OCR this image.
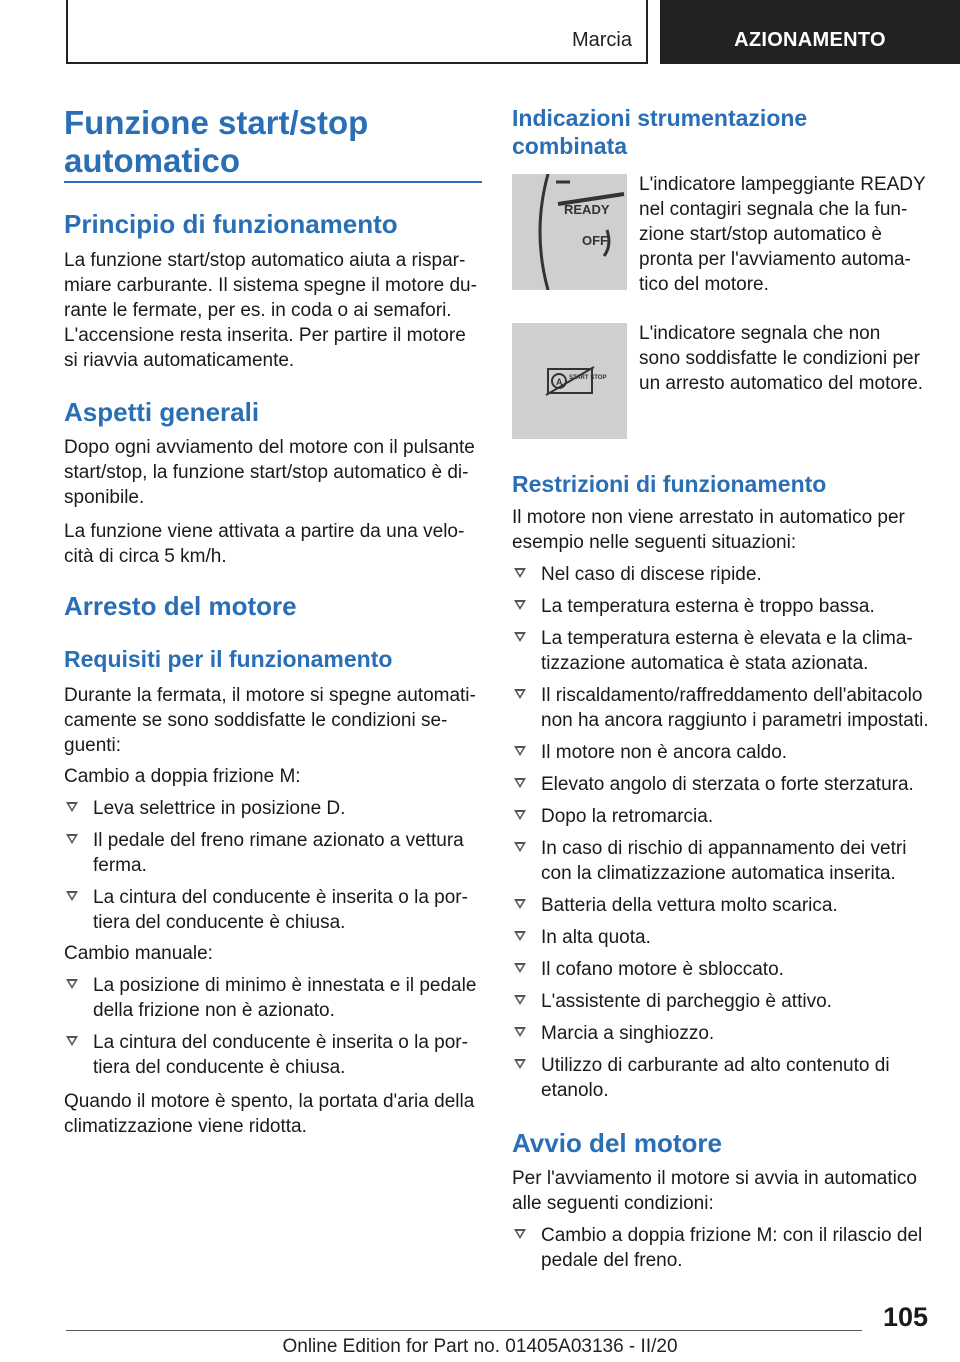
Marcia	AZIONAMENTO
Funzione start/stop automatico
Principio di funzionamento
La funzione start/stop automatico aiuta a rispar-
miare carburante. Il sistema spegne il motore du-
rante le fermate, per es. in coda o ai semafori.
L'accensione resta inserita. Per partire il motore
si riavvia automaticamente.
Aspetti generali
Dopo ogni avviamento del motore con il pulsante
start/stop, la funzione start/stop automatico è di-
sponibile.
La funzione viene attivata a partire da una velo-
cità di circa 5 km/h.
Arresto del motore
Requisiti per il funzionamento
Durante la fermata, il motore si spegne automati-
camente se sono soddisfatte le condizioni se-
guenti:
Cambio a doppia frizione M:
Leva selettrice in posizione D.
Il pedale del freno rimane azionato a vettura
ferma.
La cintura del conducente è inserita o la por-
tiera del conducente è chiusa.
Cambio manuale:
La posizione di minimo è innestata e il pedale
della frizione non è azionato.
La cintura del conducente è inserita o la por-
tiera del conducente è chiusa.
Quando il motore è spento, la portata d'aria della
climatizzazione viene ridotta.
Indicazioni strumentazione
combinata
READY
OFF
L'indicatore lampeggiante READY
nel contagiri segnala che la fun-
zione start/stop automatico è
pronta per l'avviamento automa-
tico del motore.
A START STOP
L'indicatore segnala che non
sono soddisfatte le condizioni per
un arresto automatico del motore.
Restrizioni di funzionamento
Il motore non viene arrestato in automatico per
esempio nelle seguenti situazioni:
Nel caso di discese ripide.
La temperatura esterna è troppo bassa.
La temperatura esterna è elevata e la clima-
tizzazione automatica è stata azionata.
Il riscaldamento/raffreddamento dell'abitacolo
non ha ancora raggiunto i parametri impostati.
Il motore non è ancora caldo.
Elevato angolo di sterzata o forte sterzatura.
Dopo la retromarcia.
In caso di rischio di appannamento dei vetri
con la climatizzazione automatica inserita.
Batteria della vettura molto scarica.
In alta quota.
Il cofano motore è sbloccato.
L'assistente di parcheggio è attivo.
Marcia a singhiozzo.
Utilizzo di carburante ad alto contenuto di
etanolo.
Avvio del motore
Per l'avviamento il motore si avvia in automatico
alle seguenti condizioni:
Cambio a doppia frizione M: con il rilascio del
pedale del freno.
105
Online Edition for Part no. 01405A03136 - II/20
